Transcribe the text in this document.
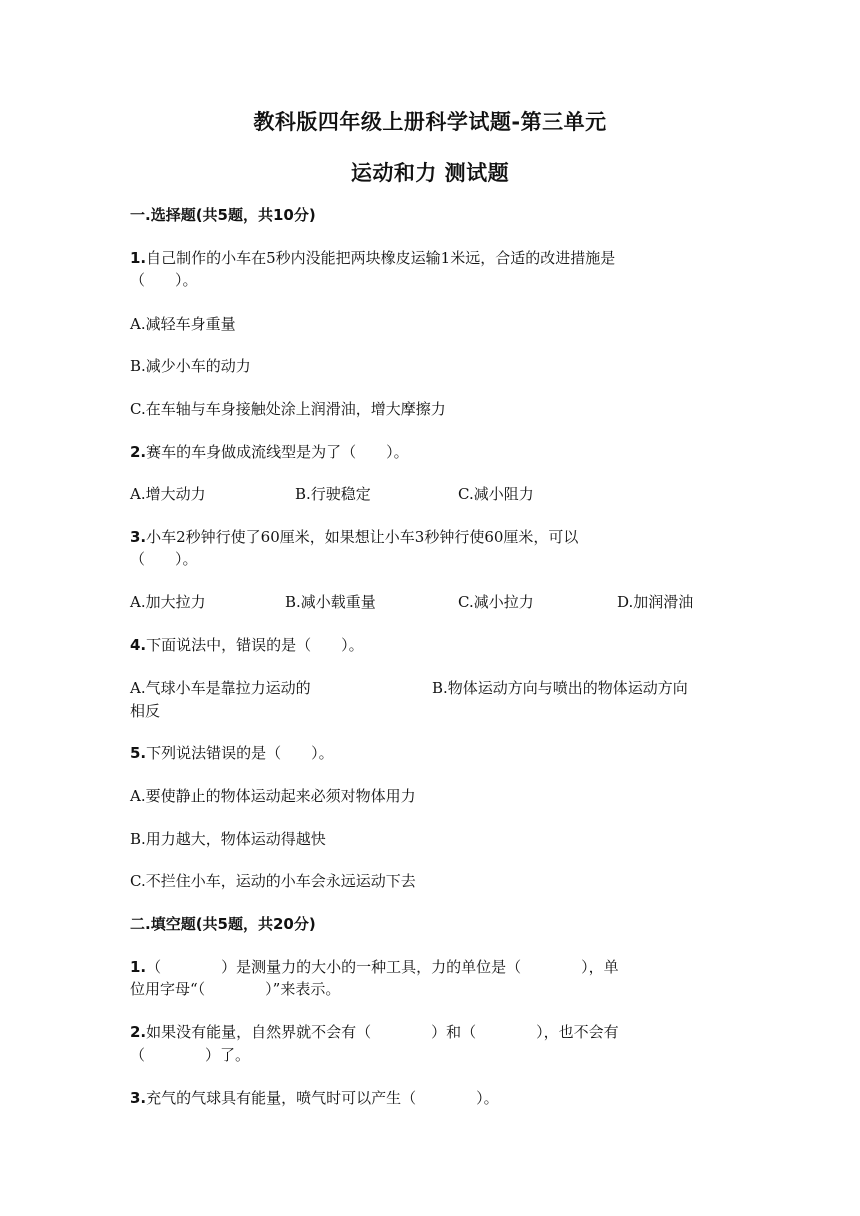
教科版四年级上册科学试题-第三单元
运动和力 测试题
一.选择题(共5题，共10分)
1.自己制作的小车在5秒内没能把两块橡皮运输1米远，合适的改进措施是
（　　）。
A.减轻车身重量
B.减少小车的动力
C.在车轴与车身接触处涂上润滑油，增大摩擦力
2.赛车的车身做成流线型是为了（　　）。
A.增大动力	B.行驶稳定	C.减小阻力
3.小车2秒钟行使了60厘米，如果想让小车3秒钟行使60厘米，可以
（　　）。
A.加大拉力	B.减小载重量	C.减小拉力	D.加润滑油
4.下面说法中，错误的是（　　）。
A.气球小车是靠拉力运动的	B.物体运动方向与喷出的物体运动方向
相反
5.下列说法错误的是（　　）。
A.要使静止的物体运动起来必须对物体用力
B.用力越大，物体运动得越快
C.不拦住小车，运动的小车会永远运动下去
二.填空题(共5题，共20分)
1.（　　　　）是测量力的大小的一种工具，力的单位是（　　　　），单
位用字母“（　　　　）”来表示。
2.如果没有能量，自然界就不会有（　　　　）和（　　　　），也不会有
（　　　　）了。
3.充气的气球具有能量，喷气时可以产生（　　　　）。
